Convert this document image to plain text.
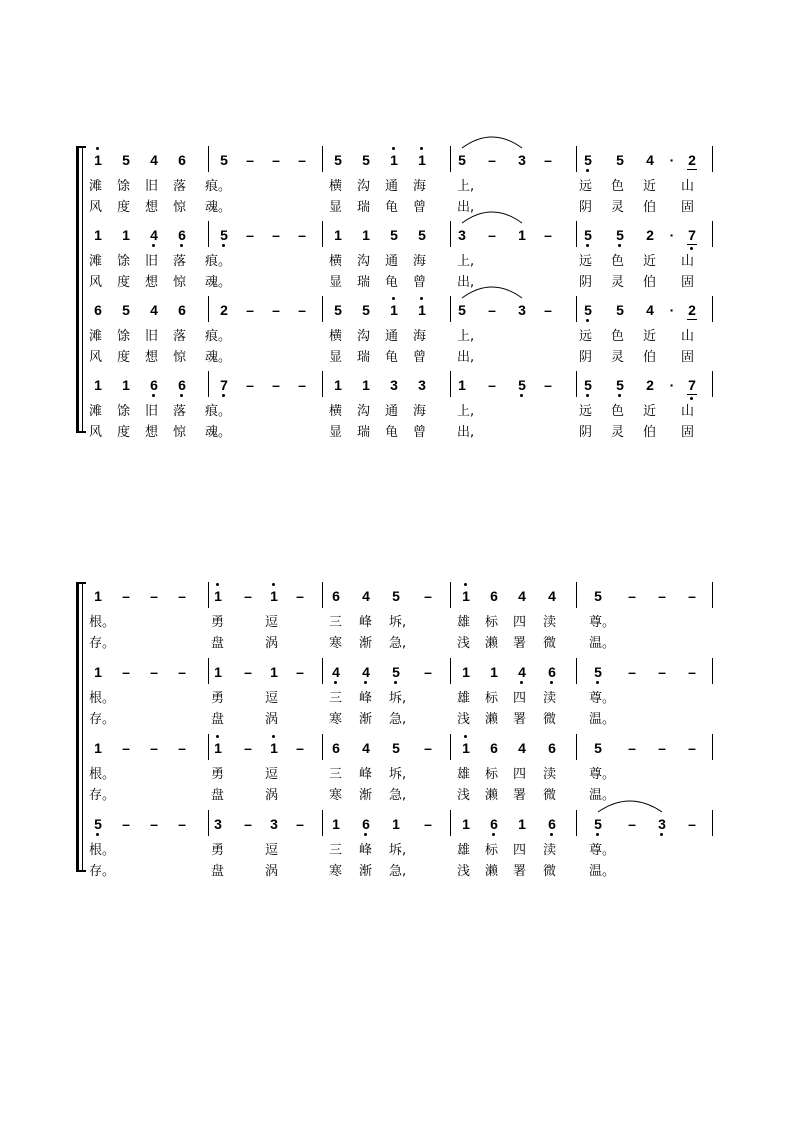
1 5 4 6 5 – – – 5 5 1 1 5 – 3 – 5 5 4	· 2
滩 馀 旧 落 痕。	横 沟 通 海 上,	远 色 近 山
风 度 想 惊 魂。	显 瑞 龟 曾 出,	阴 灵 伯 固
1 1 4 6 5 – – – 1 1 5 5 3 – 1 – 5 5 2	· 7
滩 馀 旧 落 痕。	横 沟 通 海 上,	远 色 近 山
风 度 想 惊 魂。	显 瑞 龟 曾 出,	阴 灵 伯 固
6 5 4 6 2 – – – 5 5 1 1 5 – 3 – 5 5 4	· 2
滩 馀 旧 落 痕。	横 沟 通 海 上,	远 色 近 山
风 度 想 惊 魂。	显 瑞 龟 曾 出,	阴 灵 伯 固
1 1 6 6 7 – – – 1 1 3 3 1 – 5 – 5 5 2	· 7
滩 馀 旧 落 痕。	横 沟 通 海 上,	远 色 近 山
风 度 想 惊 魂。	显 瑞 龟 曾 出,	阴 灵 伯 固
1 – – – 1 – 1 – 6 4 5 – 1 6 4 4	5 – – –
根。	勇	逗	三 峰 坼,	雄 标 四 渎	尊。
存。	盘	涡	寒 渐 急,	浅 濑 署 微	温。
1 – – – 1 – 1 – 4 4 5 – 1 1 4 6	5 – – –
根。	勇	逗	三 峰 坼,	雄 标 四 渎	尊。
存。	盘	涡	寒 渐 急,	浅 濑 署 微	温。
1 – – – 1 – 1 – 6 4 5 – 1 6 4 6	5 – – –
根。	勇	逗	三 峰 坼,	雄 标 四 渎	尊。
存。	盘	涡	寒 渐 急,	浅 濑 署 微	温。
5 – – – 3 – 3 – 1 6 1 – 1 6 1 6	5 – 3 –
根。	勇	逗	三 峰 坼,	雄 标 四 渎	尊。
存。	盘	涡	寒 渐 急,	浅 濑 署 微	温。
